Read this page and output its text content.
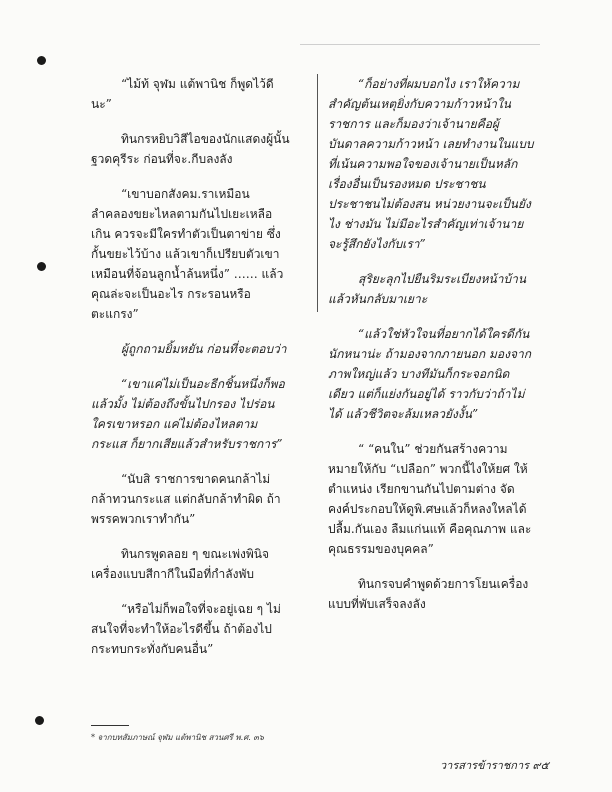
“ไม้ท้ จุฬม แต้พานิช ก็พูดไว้ดีนะ”

ทินกรหยิบวิสีไอของนักแสดงผู้นั้นฐวดคุรีระ ก่อนที่จะ.กีบลงลัง

“เขาบอกสังคม.ราเหมือนลำคลองขยะไหลตามกันไปเยะเหลือเกิน ควรจะมีใครทำตัวเป็นตาข่าย ซึ่งกั้นขยะไว้บ้าง แล้วเขาก็เปรียบตัวเขาเหมือนที่จ้อนลูกน้ำล้นหนึ่ง” …… แล้วคุณล่ะจะเป็นอะไร กระรอนหรือตะแกรง”

ผู้ถูกถามยิ้มหยัน ก่อนที่จะตอบว่า

“เขาแค่ไม่เป็นอะธีกชิ้นหนึ่งก็พอแล้วมั้ง ไม่ต้องถึงขั้นไปกรอง ไปร่อนใครเขาหรอก แค่ไม่ต้องไหลตามกระแส ก็ยากเสียแล้วสำหรับราชการ”

“นับสิ ราชการขาดคนกล้าไม่กล้าทวนกระแส แต่กลับกล้าทำผิด ถ้าพรรคพวกเราทำกัน”

ทินกรพูดลอย ๆ ขณะเพ่งพินิจเครื่องแบบสีกากีในมือที่กำลังพับ

“หรือไม่ก็พอใจที่จะอยู่เฉย ๆ ไม่สนใจที่จะทำให้อะไรดีขึ้น ถ้าต้องไปกระทบกระทั่งกับคนอื่น”

“ก็อย่างที่ผมบอกไง เราให้ความสำคัญต้นเหตุยิ่งกับความก้าวหน้าในราชการ และก็มองว่าเจ้านายคือผู้บันดาลความก้าวหน้า เลยทำงานในแบบที่เน้นความพอใจของเจ้านายเป็นหลัก เรื่องอื่นเป็นรองหมด ประชาชน ประชาชนไม่ต้องสน หน่วยงานจะเป็นยังไง ช่างมัน ไม่มีอะไรสำคัญเท่าเจ้านายจะรู้สึกยังไงกับเรา”

สุริยะลุกไปยืนริมระเบียงหน้าบ้านแล้วหันกลับมาเยาะ

“แล้วใช่หัวใจนที่อยากได้ใครดีกันนักหนาน่ะ ถ้ามองจากภายนอก มองจากภาพใหญ่แล้ว บางทีมันก็กระจอกนิดเดียว แต่ก็แย่งกันอยู่ได้ ราวกับว่าถ้าไม่ได้ แล้วชีวิตจะล้มเหลวยังงั้น”

“ “คนใน” ช่วยกันสร้างความหมายให้กับ “เปลือก” พวกนี้ไงให้ยศ ให้ตำแหน่ง เรียกขานกันไปตามต่าง จัดคงค์ประกอบให้ดูพิ.ศษแล้วก็หลงใหลได้ปลื้ม.กันเอง ลืมแก่นแท้ คือคุณภาพ และคุณธรรมของบุคคล”

ทินกรจบคำพูดด้วยการโยนเครื่องแบบที่พับเสร็จลงลัง

* จากบทสัมภาษณ์ จุฬม แต้พานิช สวนศรี พ.ศ. ๓๖
วารสารข้าราชการ ๙๕
